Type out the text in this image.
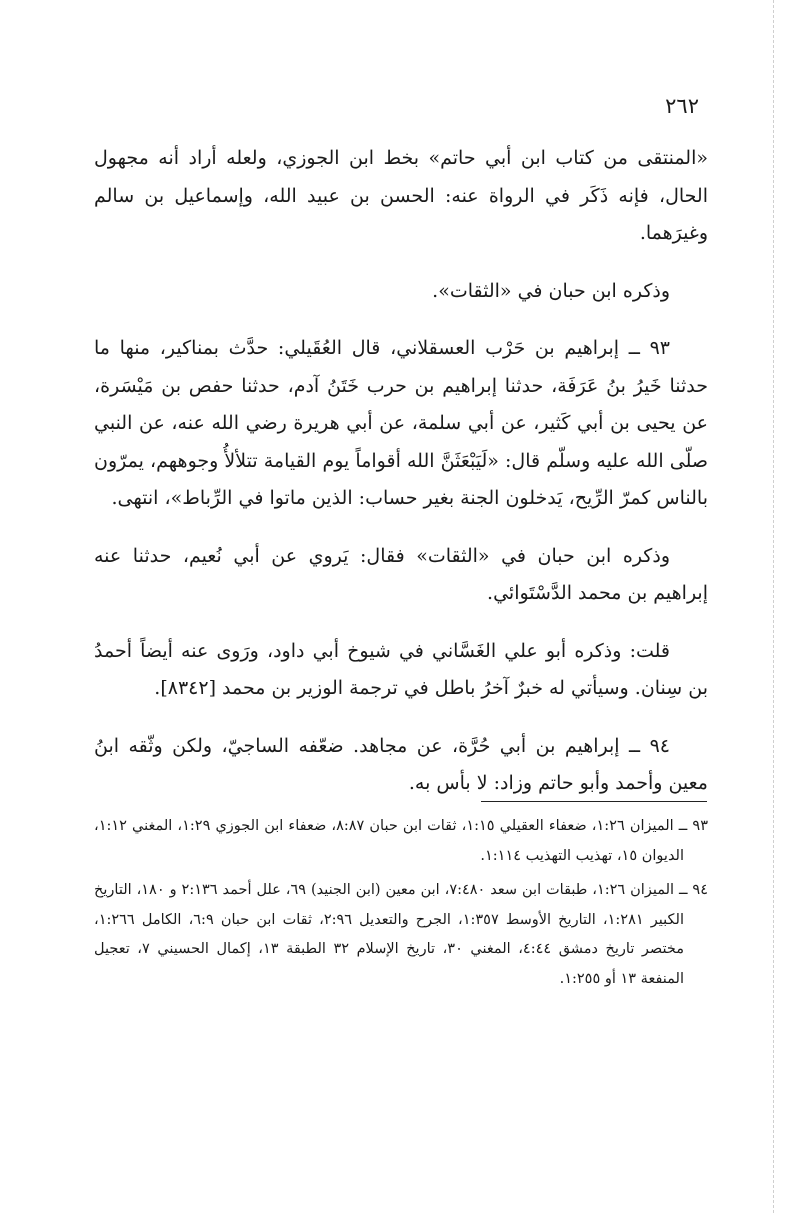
٢٦٢

«المنتقى من كتاب ابن أبي حاتم» بخط ابن الجوزي، ولعله أراد أنه مجهول الحال، فإنه ذَكَر في الرواة عنه: الحسن بن عبيد الله، وإسماعيل بن سالم وغيرَهما.

وذكره ابن حبان في «الثقات».

٩٣ ــ إبراهيم بن حَرْب العسقلاني، قال العُقَيلي: حدَّث بمناكير، منها ما حدثنا خَيرُ بنُ عَرَفَة، حدثنا إبراهيم بن حرب خَتَنُ آدم، حدثنا حفص بن مَيْسَرة، عن يحيى بن أبي كَثير، عن أبي سلمة، عن أبي هريرة رضي الله عنه، عن النبي صلّى الله عليه وسلّم قال: «لَيَبْعَثَنَّ الله أقواماً يوم القيامة تتلألأُ وجوههم، يمرّون بالناس كمرّ الرِّيح، يَدخلون الجنة بغير حساب: الذين ماتوا في الرِّباط»، انتهى.

وذكره ابن حبان في «الثقات» فقال: يَروي عن أبي نُعيم، حدثنا عنه إبراهيم بن محمد الدَّسْتَوائي.

قلت: وذكره أبو علي الغَسَّاني في شيوخ أبي داود، ورَوى عنه أيضاً أحمدُ بن سِنان. وسيأتي له خبرٌ آخرُ باطل في ترجمة الوزير بن محمد [٨٣٤٢].

٩٤ ــ إبراهيم بن أبي حُرَّة، عن مجاهد. ضعّفه الساجيّ، ولكن وثّقه ابنُ معين وأحمد وأبو حاتم وزاد: لا بأس به.

٩٣ ــ الميزان ١:٢٦، ضعفاء العقيلي ١:١٥، ثقات ابن حبان ٨:٨٧، ضعفاء ابن الجوزي ١:٢٩، المغني ١:١٢، الديوان ١٥، تهذيب التهذيب ١:١١٤.

٩٤ ــ الميزان ١:٢٦، طبقات ابن سعد ٧:٤٨٠، ابن معين (ابن الجنيد) ٦٩، علل أحمد ٢:١٣٦ و ١٨٠، التاريخ الكبير ١:٢٨١، التاريخ الأوسط ١:٣٥٧، الجرح والتعديل ٢:٩٦، ثقات ابن حبان ٦:٩، الكامل ١:٢٦٦، مختصر تاريخ دمشق ٤:٤٤، المغني ٣٠، تاريخ الإسلام ٣٢ الطبقة ١٣، إكمال الحسيني ٧، تعجيل المنفعة ١٣ أو ١:٢٥٥.
